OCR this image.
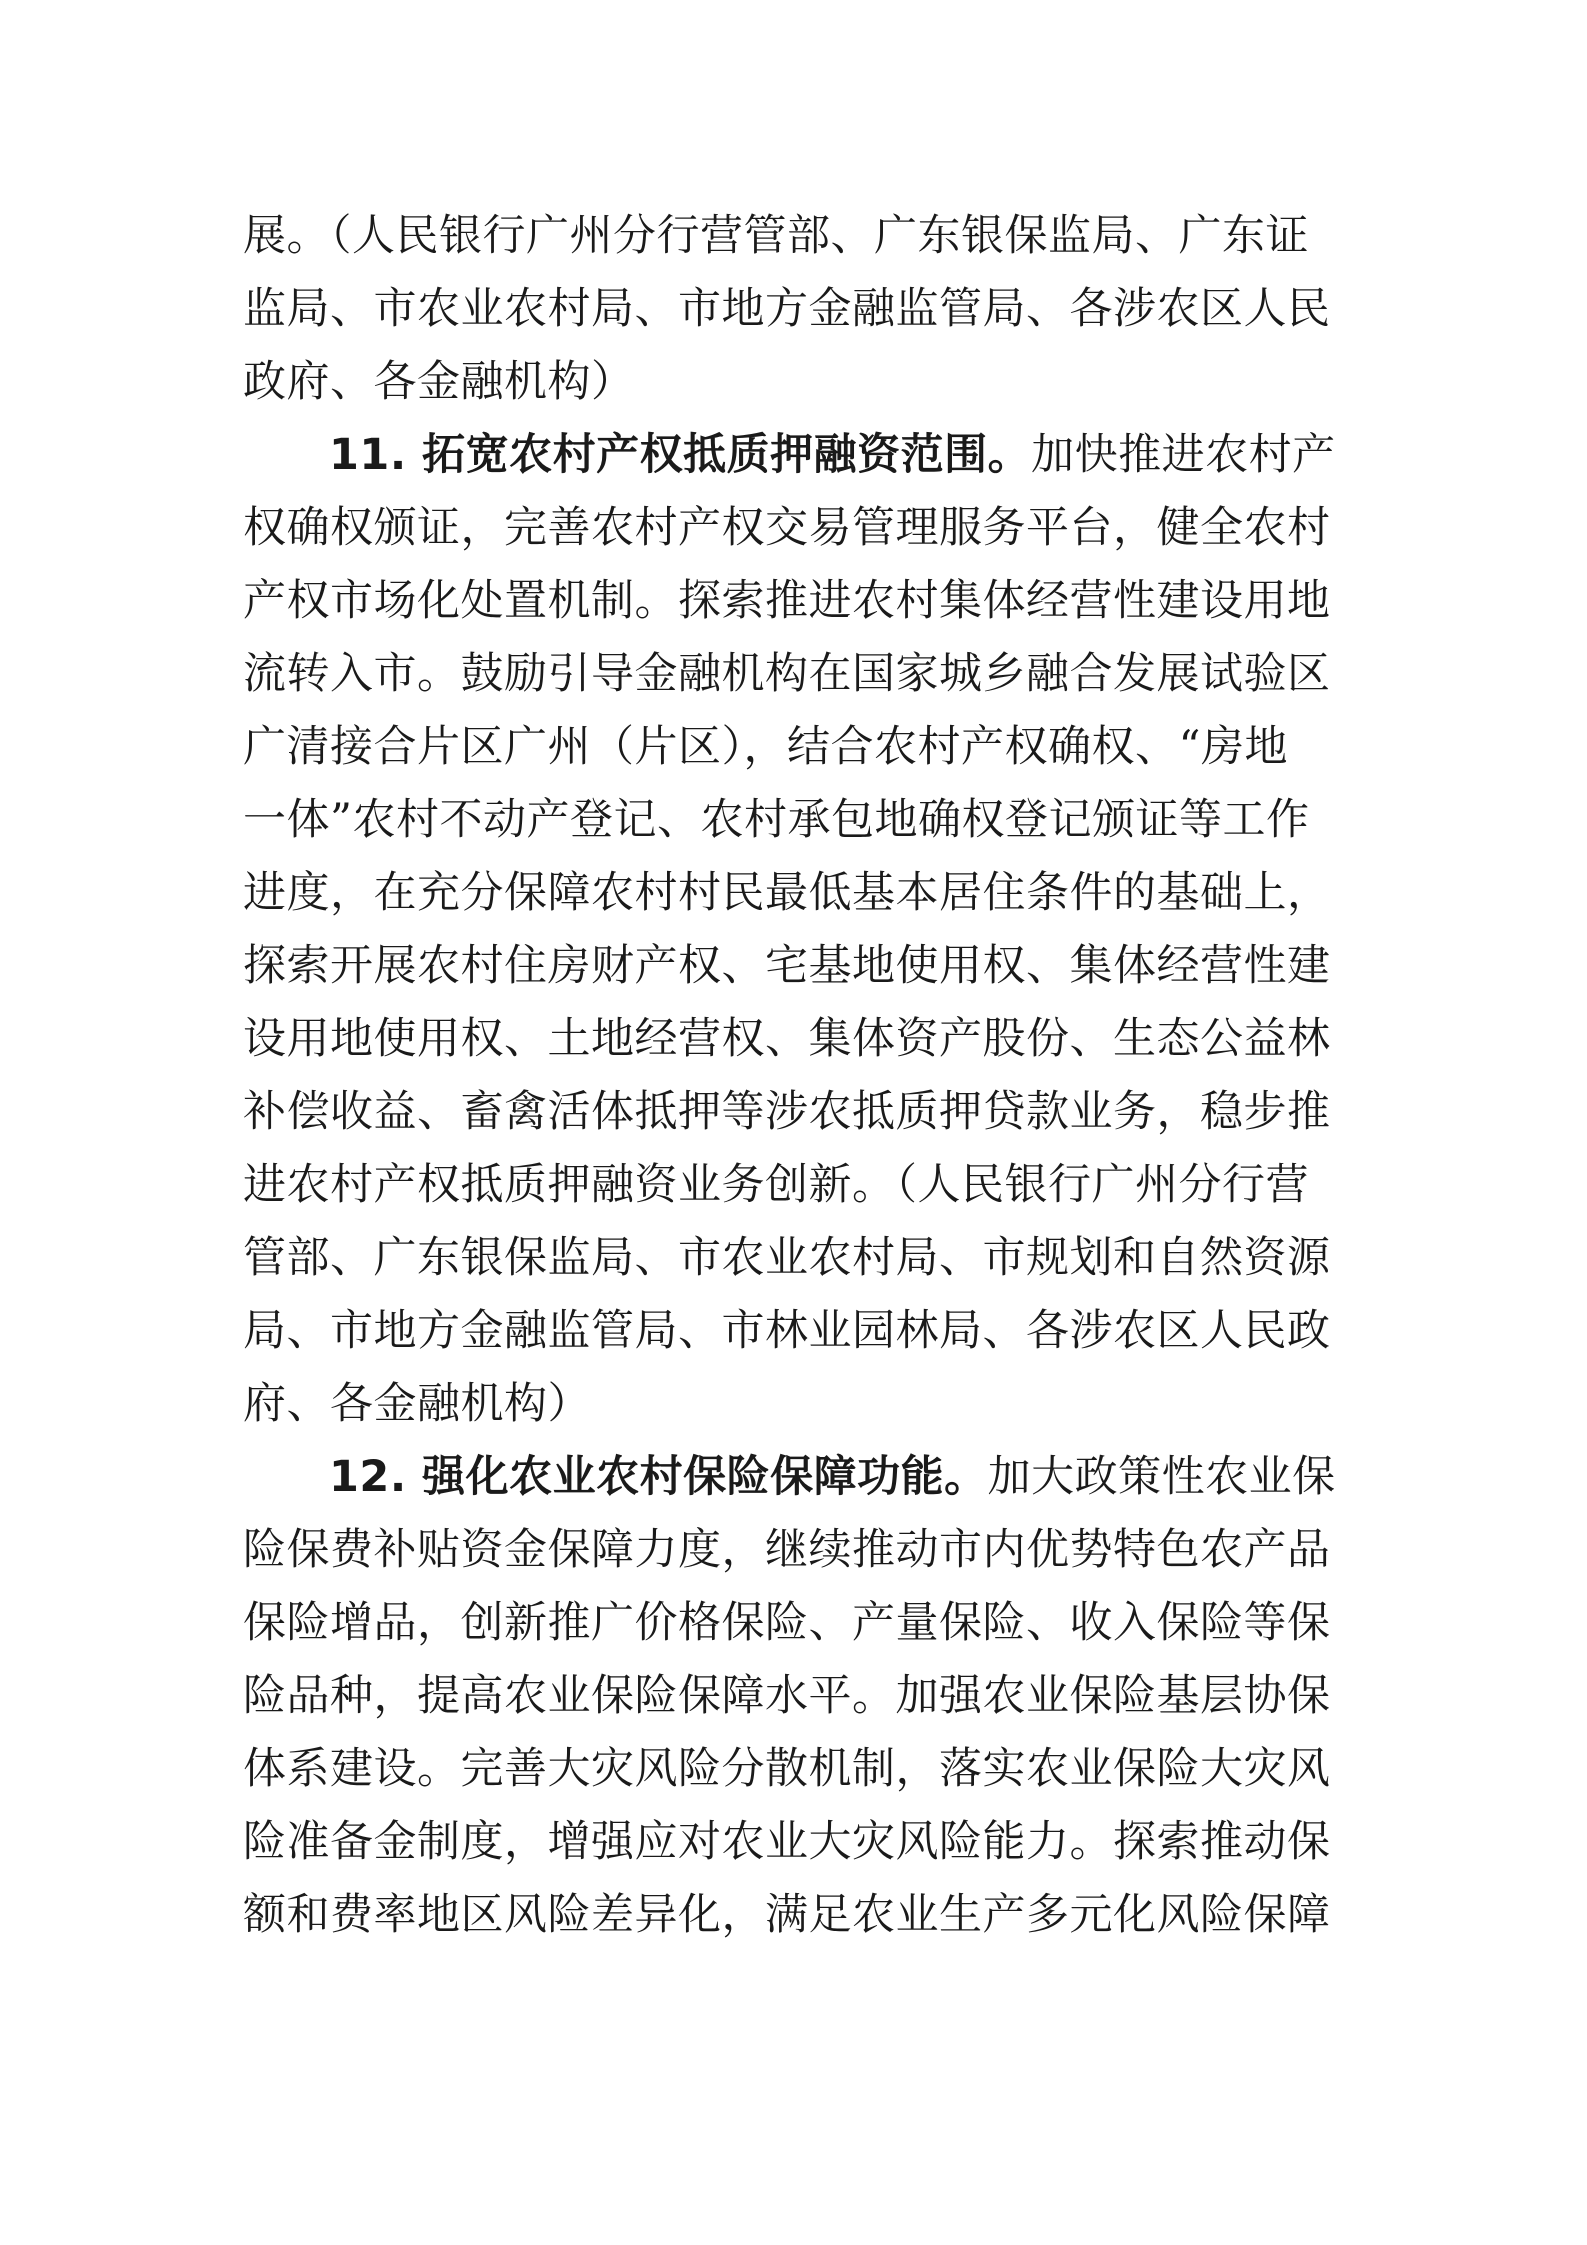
展。（人民银行广州分行营管部、广东银保监局、广东证
监局、市农业农村局、市地方金融监管局、各涉农区人民
政府、各金融机构）
11. 拓宽农村产权抵质押融资范围。加快推进农村产
权确权颁证，完善农村产权交易管理服务平台，健全农村
产权市场化处置机制。探索推进农村集体经营性建设用地
流转入市。鼓励引导金融机构在国家城乡融合发展试验区
广清接合片区广州（片区），结合农村产权确权、“房地
一体”农村不动产登记、农村承包地确权登记颁证等工作
进度，在充分保障农村村民最低基本居住条件的基础上，
探索开展农村住房财产权、宅基地使用权、集体经营性建
设用地使用权、土地经营权、集体资产股份、生态公益林
补偿收益、畜禽活体抵押等涉农抵质押贷款业务，稳步推
进农村产权抵质押融资业务创新。（人民银行广州分行营
管部、广东银保监局、市农业农村局、市规划和自然资源
局、市地方金融监管局、市林业园林局、各涉农区人民政
府、各金融机构）
12. 强化农业农村保险保障功能。加大政策性农业保
险保费补贴资金保障力度，继续推动市内优势特色农产品
保险增品，创新推广价格保险、产量保险、收入保险等保
险品种，提高农业保险保障水平。加强农业保险基层协保
体系建设。完善大灾风险分散机制，落实农业保险大灾风
险准备金制度，增强应对农业大灾风险能力。探索推动保
额和费率地区风险差异化，满足农业生产多元化风险保障
